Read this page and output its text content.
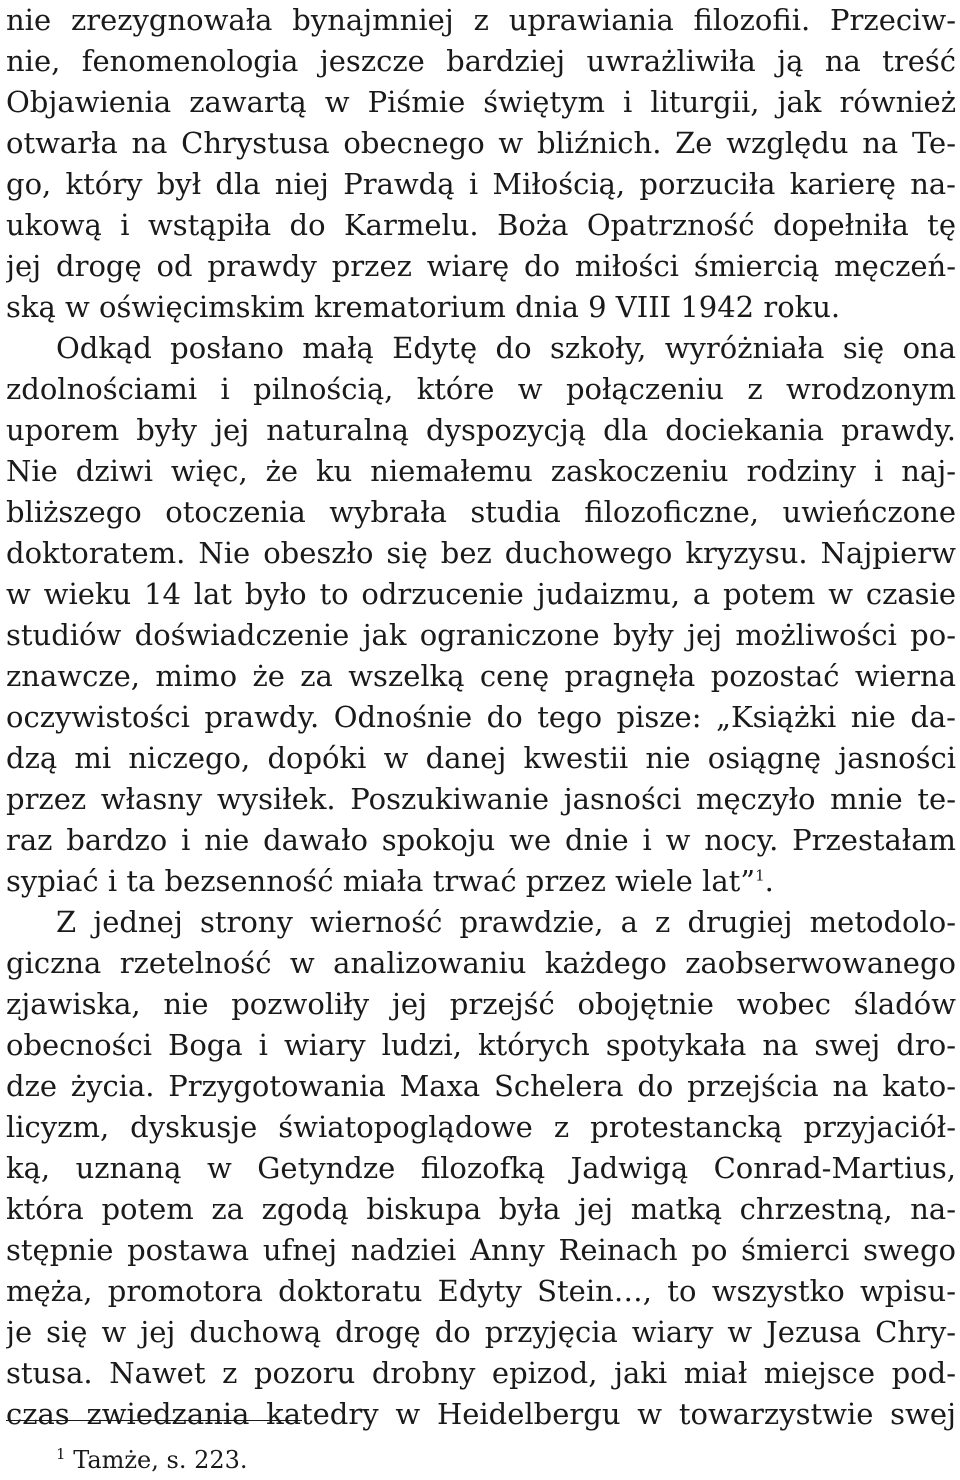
nie zrezygnowała bynajmniej z uprawiania filozofii. Przeciw-
nie, fenomenologia jeszcze bardziej uwrażliwiła ją na treść
Objawienia zawartą w Piśmie świętym i liturgii, jak również
otwarła na Chrystusa obecnego w bliźnich. Ze względu na Te-
go, który był dla niej Prawdą i Miłością, porzuciła karierę na-
ukową i wstąpiła do Karmelu. Boża Opatrzność dopełniła tę
jej drogę od prawdy przez wiarę do miłości śmiercią męczeń-
ską w oświęcimskim krematorium dnia 9 VIII 1942 roku.
Odkąd posłano małą Edytę do szkoły, wyróżniała się ona
zdolnościami i pilnością, które w połączeniu z wrodzonym
uporem były jej naturalną dyspozycją dla dociekania prawdy.
Nie dziwi więc, że ku niemałemu zaskoczeniu rodziny i naj-
bliższego otoczenia wybrała studia filozoficzne, uwieńczone
doktoratem. Nie obeszło się bez duchowego kryzysu. Najpierw
w wieku 14 lat było to odrzucenie judaizmu, a potem w czasie
studiów doświadczenie jak ograniczone były jej możliwości po-
znawcze, mimo że za wszelką cenę pragnęła pozostać wierna
oczywistości prawdy. Odnośnie do tego pisze: „Książki nie da-
dzą mi niczego, dopóki w danej kwestii nie osiągnę jasności
przez własny wysiłek. Poszukiwanie jasności męczyło mnie te-
raz bardzo i nie dawało spokoju we dnie i w nocy. Przestałam
sypiać i ta bezsenność miała trwać przez wiele lat”$^1$.
Z jednej strony wierność prawdzie, a z drugiej metodolo-
giczna rzetelność w analizowaniu każdego zaobserwowanego
zjawiska, nie pozwoliły jej przejść obojętnie wobec śladów
obecności Boga i wiary ludzi, których spotykała na swej dro-
dze życia. Przygotowania Maxa Schelera do przejścia na kato-
licyzm, dyskusje światopoglądowe z protestancką przyjaciół-
ką, uznaną w Getyndze filozofką Jadwigą Conrad-Martius,
która potem za zgodą biskupa była jej matką chrzestną, na-
stępnie postawa ufnej nadziei Anny Reinach po śmierci swego
męża, promotora doktoratu Edyty Stein…, to wszystko wpisu-
je się w jej duchową drogę do przyjęcia wiary w Jezusa Chry-
stusa. Nawet z pozoru drobny epizod, jaki miał miejsce pod-
czas zwiedzania katedry w Heidelbergu w towarzystwie swej
$^1$ Tamże, s. 223.
